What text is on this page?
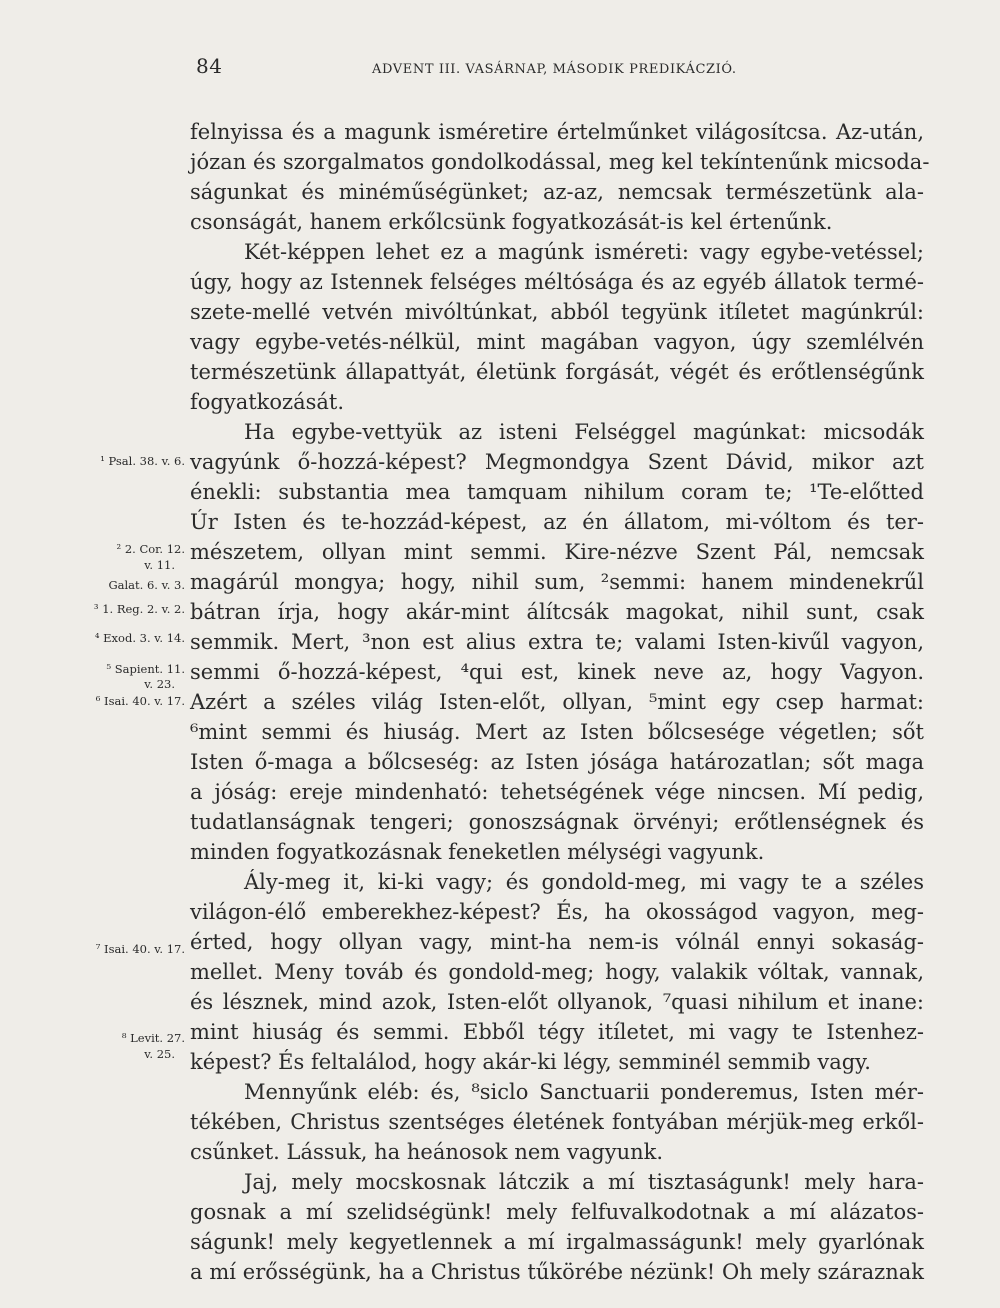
84	ADVENT III. VASÁRNAP, MÁSODIK PREDIKÁCZIÓ.
¹ Psal. 38. v. 6.
² 2. Cor. 12.
v. 11.
Galat. 6. v. 3.
³ 1. Reg. 2. v. 2.
⁴ Exod. 3. v. 14.
⁵ Sapient. 11.
v. 23.
⁶ Isai. 40. v. 17.
⁷ Isai. 40. v. 17.
⁸ Levit. 27.
v. 25.
felnyissa és a magunk isméretire értelműnket világosítcsa. Az-után,
józan és szorgalmatos gondolkodással, meg kel tekíntenűnk micsoda-
ságunkat és minéműségünket; az-az, nemcsak természetünk ala-
csonságát, hanem erkőlcsünk fogyatkozását-is kel értenűnk.
Két-képpen lehet ez a magúnk isméreti: vagy egybe-vetéssel;
úgy, hogy az Istennek felséges méltósága és az egyéb állatok termé-
szete-mellé vetvén mivóltúnkat, abból tegyünk itíletet magúnkrúl:
vagy egybe-vetés-nélkül, mint magában vagyon, úgy szemlélvén
természetünk állapattyát, életünk forgását, végét és erőtlenségűnk
fogyatkozását.
Ha egybe-vettyük az isteni Felséggel magúnkat: micsodák
vagyúnk ő-hozzá-képest? Megmondgya Szent Dávid, mikor azt
énekli: substantia mea tamquam nihilum coram te; ¹Te-előtted
Úr Isten és te-hozzád-képest, az én állatom, mi-vóltom és ter-
mészetem, ollyan mint semmi. Kire-nézve Szent Pál, nemcsak
magárúl mongya; hogy, nihil sum, ²semmi: hanem mindenekrűl
bátran írja, hogy akár-mint álítcsák magokat, nihil sunt, csak
semmik. Mert, ³non est alius extra te; valami Isten-kivűl vagyon,
semmi ő-hozzá-képest, ⁴qui est, kinek neve az, hogy Vagyon.
Azért a széles világ Isten-előt, ollyan, ⁵mint egy csep harmat:
⁶mint semmi és hiuság. Mert az Isten bőlcsesége végetlen; sőt
Isten ő-maga a bőlcseség: az Isten jósága határozatlan; sőt maga
a jóság: ereje mindenható: tehetségének vége nincsen. Mí pedig,
tudatlanságnak tengeri; gonoszságnak örvényi; erőtlenségnek és
minden fogyatkozásnak feneketlen mélységi vagyunk.
Ály-meg it, ki-ki vagy; és gondold-meg, mi vagy te a széles
világon-élő emberekhez-képest? És, ha okosságod vagyon, meg-
érted, hogy ollyan vagy, mint-ha nem-is vólnál ennyi sokaság-
mellet. Meny továb és gondold-meg; hogy, valakik vóltak, vannak,
és lésznek, mind azok, Isten-előt ollyanok, ⁷quasi nihilum et inane:
mint hiuság és semmi. Ebből tégy itíletet, mi vagy te Istenhez-
képest? És feltalálod, hogy akár-ki légy, semminél semmib vagy.
Mennyűnk eléb: és, ⁸siclo Sanctuarii ponderemus, Isten mér-
tékében, Christus szentséges életének fontyában mérjük-meg erkől-
csűnket. Lássuk, ha heánosok nem vagyunk.
Jaj, mely mocskosnak látczik a mí tisztaságunk! mely hara-
gosnak a mí szelidségünk! mely felfuvalkodotnak a mí alázatos-
ságunk! mely kegyetlennek a mí irgalmasságunk! mely gyarlónak
a mí erősségünk, ha a Christus tűkörébe nézünk! Oh mely száraznak
